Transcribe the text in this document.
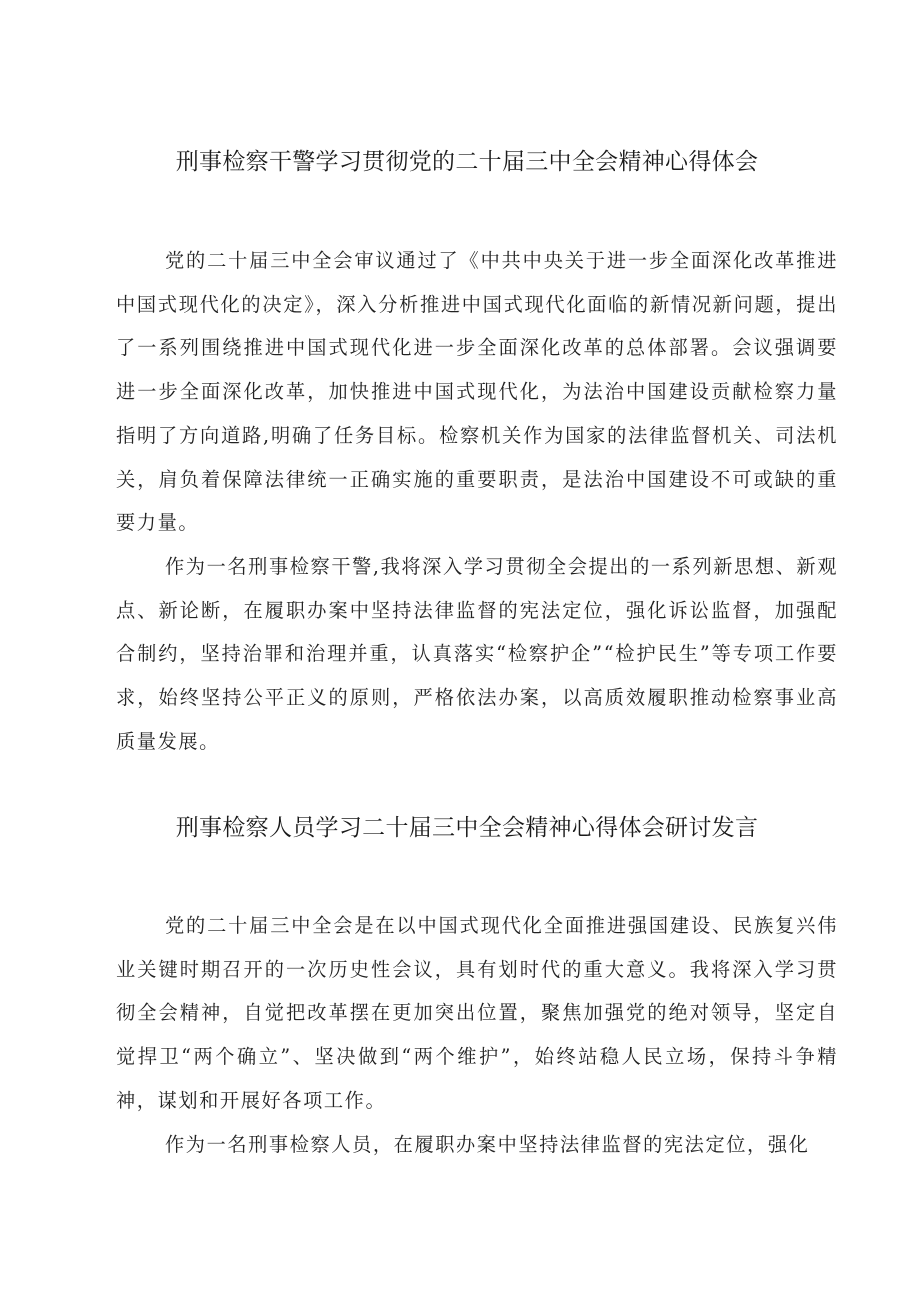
刑事检察干警学习贯彻党的二十届三中全会精神心得体会

党的二十届三中全会审议通过了《中共中央关于进一步全面深化改革推进中国式现代化的决定》，深入分析推进中国式现代化面临的新情况新问题，提出了一系列围绕推进中国式现代化进一步全面深化改革的总体部署。会议强调要进一步全面深化改革，加快推进中国式现代化，为法治中国建设贡献检察力量指明了方向道路,明确了任务目标。检察机关作为国家的法律监督机关、司法机关，肩负着保障法律统一正确实施的重要职责，是法治中国建设不可或缺的重要力量。

作为一名刑事检察干警,我将深入学习贯彻全会提出的一系列新思想、新观点、新论断，在履职办案中坚持法律监督的宪法定位，强化诉讼监督，加强配合制约，坚持治罪和治理并重，认真落实“检察护企”“检护民生”等专项工作要求，始终坚持公平正义的原则，严格依法办案，以高质效履职推动检察事业高质量发展。

刑事检察人员学习二十届三中全会精神心得体会研讨发言

党的二十届三中全会是在以中国式现代化全面推进强国建设、民族复兴伟业关键时期召开的一次历史性会议，具有划时代的重大意义。我将深入学习贯彻全会精神，自觉把改革摆在更加突出位置，聚焦加强党的绝对领导，坚定自觉捍卫“两个确立”、坚决做到“两个维护”，始终站稳人民立场，保持斗争精神，谋划和开展好各项工作。

作为一名刑事检察人员，在履职办案中坚持法律监督的宪法定位，强化
